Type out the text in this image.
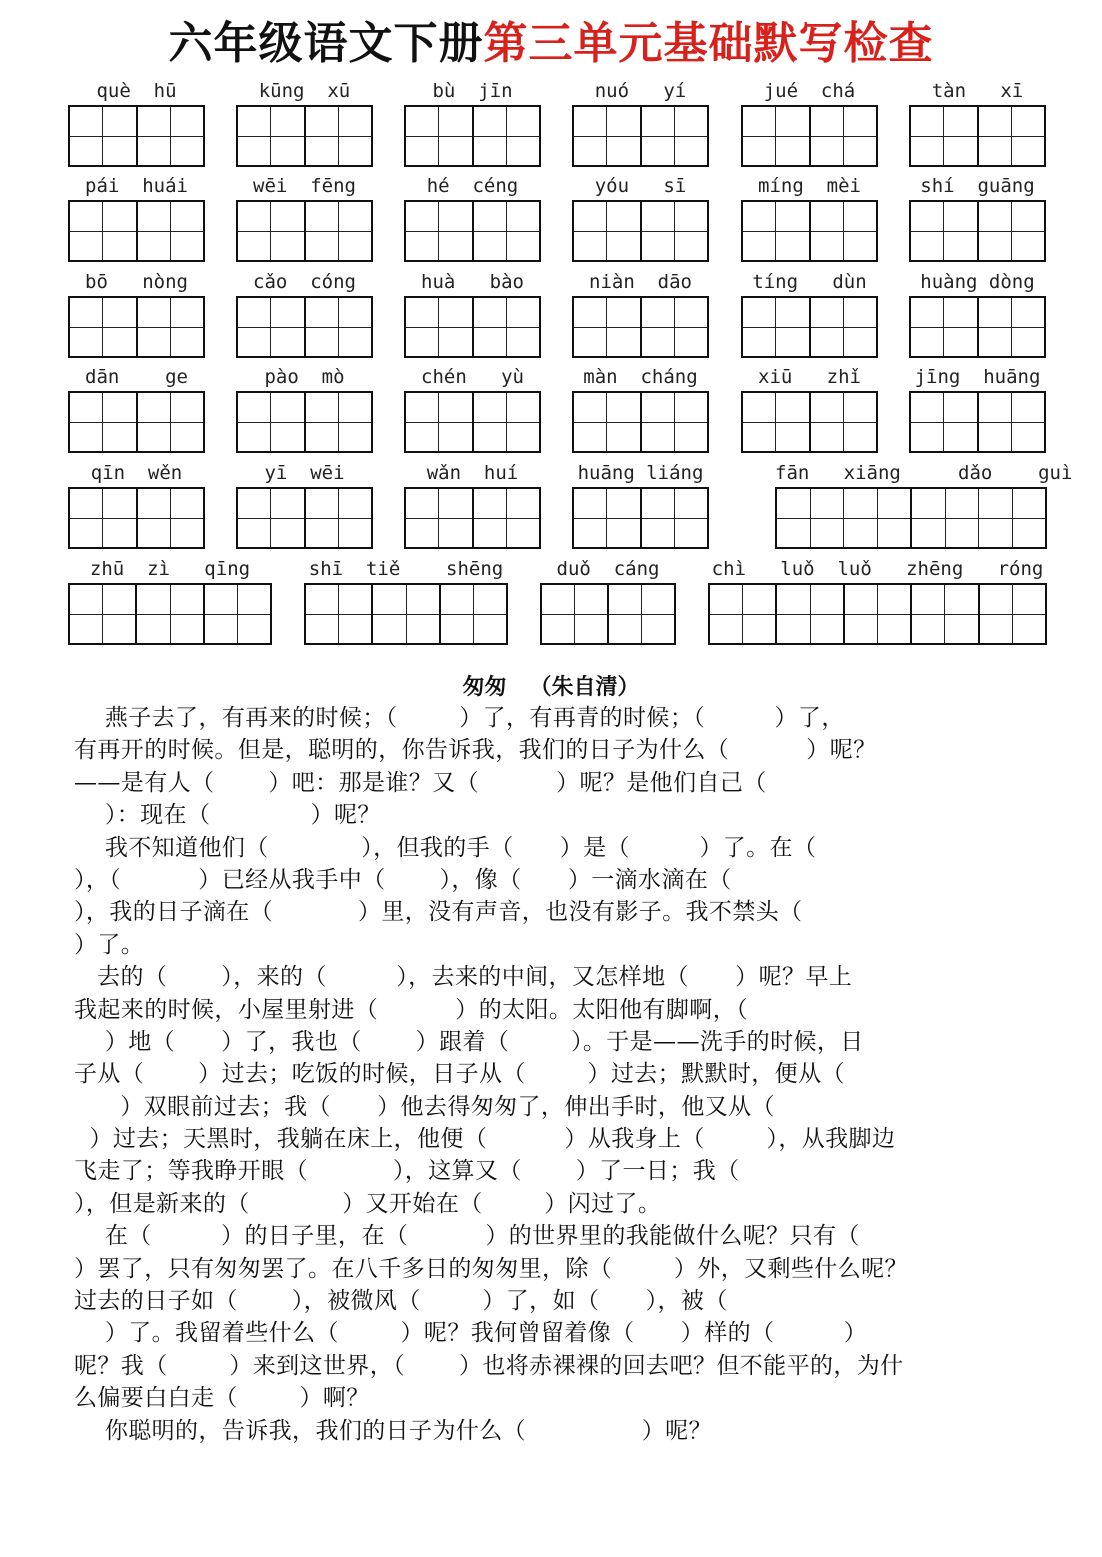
六年级语文下册第三单元基础默写检查
què  hū	kūng  xū	bù  jīn	nuó   yí	jué  chá	tàn   xī
pái  huái	wēi  fēng	hé  céng	yóu   sī	míng  mèi	shí  guāng
bō   nòng	cǎo  cóng	huà   bào	niàn  dāo	tíng   dùn	huàng dòng
dān    ge	pào  mò	chén   yù	màn  cháng	xiū   zhǐ	jīng  huāng
qīn  wěn	yī  wēi	wǎn  huí	huāng liáng	fān   xiāng     dǎo    guì
zhū  zì   qīng	shī  tiě    shēng	duǒ  cáng	chì   luǒ  luǒ   zhēng   róng
匆匆   （朱自清）
燕子去了，有再来的时候；（        ）了，有再青的时候；（         ）了，
有再开的时候。但是，聪明的，你告诉我，我们的日子为什么（          ）呢？
——是有人（       ）吧：那是谁？又（          ）呢？是他们自己（
）：现在（             ）呢？
我不知道他们（            ），但我的手（      ）是（         ）了。在（
），（          ）已经从我手中（       ），像（      ）一滴水滴在（
），我的日子滴在（           ）里，没有声音，也没有影子。我不禁头（
）了。
去的（       ），来的（         ），去来的中间，又怎样地（      ）呢？早上
我起来的时候，小屋里射进（          ）的太阳。太阳他有脚啊，（
）地（      ）了，我也（       ）跟着（        ）。于是——洗手的时候，日
子从（       ）过去；吃饭的时候，日子从（        ）过去；默默时，便从（
）双眼前过去；我（      ）他去得匆匆了，伸出手时，他又从（
）过去；天黑时，我躺在床上，他便（          ）从我身上（        ），从我脚边
飞走了；等我睁开眼（           ），这算又（       ）了一日；我（
），但是新来的（            ）又开始在（        ）闪过了。
在（         ）的日子里，在（          ）的世界里的我能做什么呢？只有（
）罢了，只有匆匆罢了。在八千多日的匆匆里，除（        ）外，又剩些什么呢？
过去的日子如（       ），被微风（        ）了，如（      ），被（
）了。我留着些什么（        ）呢？我何曾留着像（      ）样的（         ）
呢？我（        ）来到这世界，（       ）也将赤裸裸的回去吧？但不能平的，为什
么偏要白白走（        ）啊？
你聪明的，告诉我，我们的日子为什么（               ）呢？
